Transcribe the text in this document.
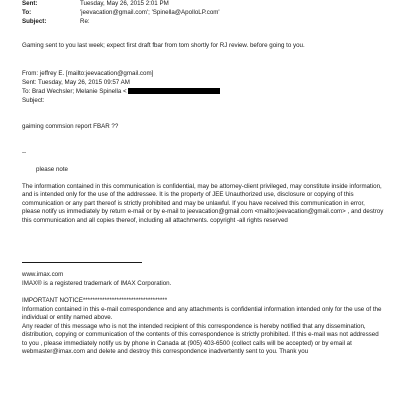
Sent:	Tuesday, May 26, 2015 2:01 PM
To:	'jeevacation@gmail.com'; 'Spinella@ApolloLP.com'
Subject:	Re:
Gaming sent to you last week; expect first draft fbar from tom shortly for RJ review. before going to you.
From: jeffrey E. [mailto:jeevacation@gmail.com]
Sent: Tuesday, May 26, 2015 09:57 AM
To: Brad Wechsler; Melanie Spinella <
Subject:
gaiming commsion report FBAR ??
--
please note
The information contained in this communication is confidential, may be attorney-client privileged, may constitute inside information, and is intended only for the use of the addressee. It is the property of JEE Unauthorized use, disclosure or copying of this communication or any part thereof is strictly prohibited and may be unlawful. If you have received this communication in error, please notify us immediately by return e-mail or by e-mail to jeevacation@gmail.com <mailto:jeevacation@gmail.com> , and destroy this communication and all copies thereof, including all attachments. copyright -all rights reserved
www.imax.com
IMAX® is a registered trademark of IMAX Corporation.
IMPORTANT NOTICE***********************************
Information contained in this e-mail correspondence and any attachments is confidential information intended only for the use of the individual or entity named above.
Any reader of this message who is not the intended recipient of this correspondence is hereby notified that any dissemination, distribution, copying or communication of the contents of this correspondence is strictly prohibited. If this e-mail was not addressed to you , please immediately notify us by phone in Canada at (905) 403-6500 (collect calls will be accepted) or by email at webmaster@imax.com and delete and destroy this correspondence inadvertently sent to you. Thank you
